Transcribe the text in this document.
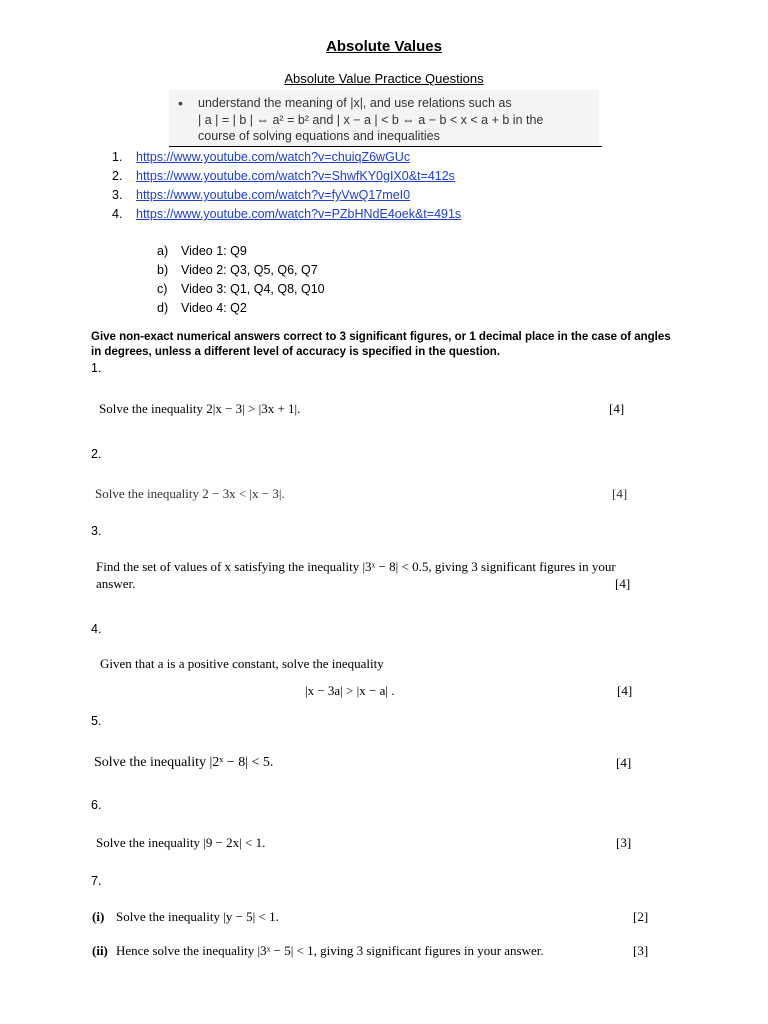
Absolute Values
Absolute Value Practice Questions
• understand the meaning of |x|, and use relations such as
| a | = | b | ⇔ a² = b² and | x − a | < b ⇔ a − b < x < a + b in the
course of solving equations and inequalities
1. https://www.youtube.com/watch?v=chuiqZ6wGUc
2. https://www.youtube.com/watch?v=ShwfKY0gIX0&t=412s
3. https://www.youtube.com/watch?v=fyVwQ17meI0
4. https://www.youtube.com/watch?v=PZbHNdE4oek&t=491s
a) Video 1: Q9
b) Video 2: Q3, Q5, Q6, Q7
c) Video 3: Q1, Q4, Q8, Q10
d) Video 4: Q2
Give non-exact numerical answers correct to 3 significant figures, or 1 decimal place in the case of angles in degrees, unless a different level of accuracy is specified in the question.
1.
Solve the inequality 2|x − 3| > |3x + 1|.	[4]
2.
Solve the inequality 2 − 3x < |x − 3|.	[4]
3.
Find the set of values of x satisfying the inequality |3ˣ − 8| < 0.5, giving 3 significant figures in your
answer.	[4]
4.
Given that a is a positive constant, solve the inequality
|x − 3a| > |x − a| .	[4]
5.
Solve the inequality |2ˣ − 8| < 5.	[4]
6.
Solve the inequality |9 − 2x| < 1.	[3]
7.
(i) Solve the inequality |y − 5| < 1.	[2]
(ii) Hence solve the inequality |3ˣ − 5| < 1, giving 3 significant figures in your answer.	[3]
